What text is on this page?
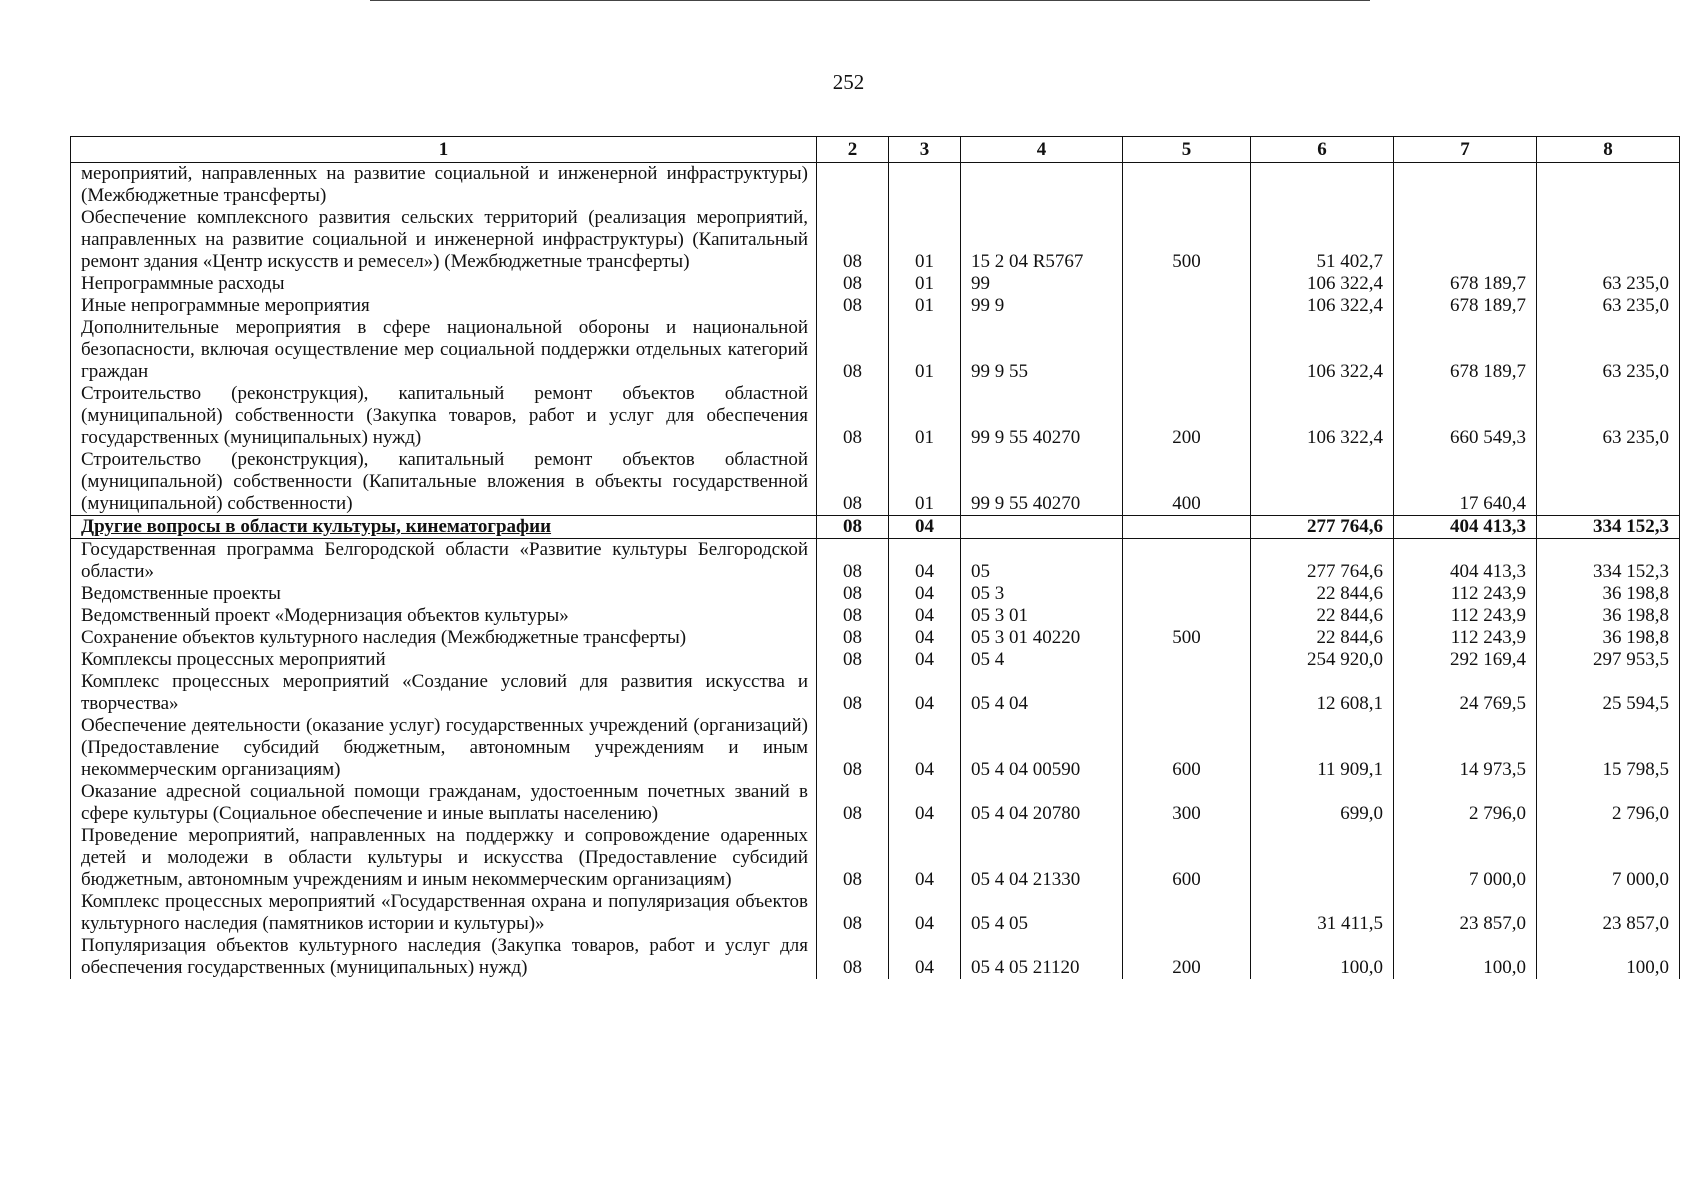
252
1	2	3	4	5	6	7	8
мероприятий, направленных на развитие социальной и инженерной инфраструктуры) (Межбюджетные трансферты)							
Обеспечение комплексного развития сельских территорий (реализация мероприятий, направленных на развитие социальной и инженерной инфраструктуры) (Капитальный ремонт здания «Центр искусств и ремесел») (Межбюджетные трансферты)	08	01	15 2 04 R5767	500	51 402,7		
Непрограммные расходы	08	01	99		106 322,4	678 189,7	63 235,0
Иные непрограммные мероприятия	08	01	99 9		106 322,4	678 189,7	63 235,0
Дополнительные мероприятия в сфере национальной обороны и национальной безопасности, включая осуществление мер социальной поддержки отдельных категорий граждан	08	01	99 9 55		106 322,4	678 189,7	63 235,0
Строительство (реконструкция), капитальный ремонт объектов областной (муниципальной) собственности (Закупка товаров, работ и услуг для обеспечения государственных (муниципальных) нужд)	08	01	99 9 55 40270	200	106 322,4	660 549,3	63 235,0
Строительство (реконструкция), капитальный ремонт объектов областной (муниципальной) собственности (Капитальные вложения в объекты государственной (муниципальной) собственности)	08	01	99 9 55 40270	400		17 640,4	
Другие вопросы в области культуры, кинематографии	08	04			277 764,6	404 413,3	334 152,3
Государственная программа Белгородской области «Развитие культуры Белгородской области»	08	04	05		277 764,6	404 413,3	334 152,3
Ведомственные проекты	08	04	05 3		22 844,6	112 243,9	36 198,8
Ведомственный проект «Модернизация объектов культуры»	08	04	05 3 01		22 844,6	112 243,9	36 198,8
Сохранение объектов культурного наследия (Межбюджетные трансферты)	08	04	05 3 01 40220	500	22 844,6	112 243,9	36 198,8
Комплексы процессных мероприятий	08	04	05 4		254 920,0	292 169,4	297 953,5
Комплекс процессных мероприятий «Создание условий для развития искусства и творчества»	08	04	05 4 04		12 608,1	24 769,5	25 594,5
Обеспечение деятельности (оказание услуг) государственных учреждений (организаций) (Предоставление субсидий бюджетным, автономным учреждениям и иным некоммерческим организациям)	08	04	05 4 04 00590	600	11 909,1	14 973,5	15 798,5
Оказание адресной социальной помощи гражданам, удостоенным почетных званий в сфере культуры (Социальное обеспечение и иные выплаты населению)	08	04	05 4 04 20780	300	699,0	2 796,0	2 796,0
Проведение мероприятий, направленных на поддержку и сопровождение одаренных детей и молодежи в области культуры и искусства (Предоставление субсидий бюджетным, автономным учреждениям и иным некоммерческим организациям)	08	04	05 4 04 21330	600		7 000,0	7 000,0
Комплекс процессных мероприятий «Государственная охрана и популяризация объектов культурного наследия (памятников истории и культуры)»	08	04	05 4 05		31 411,5	23 857,0	23 857,0
Популяризация объектов культурного наследия (Закупка товаров, работ и услуг для обеспечения государственных (муниципальных) нужд)	08	04	05 4 05 21120	200	100,0	100,0	100,0
